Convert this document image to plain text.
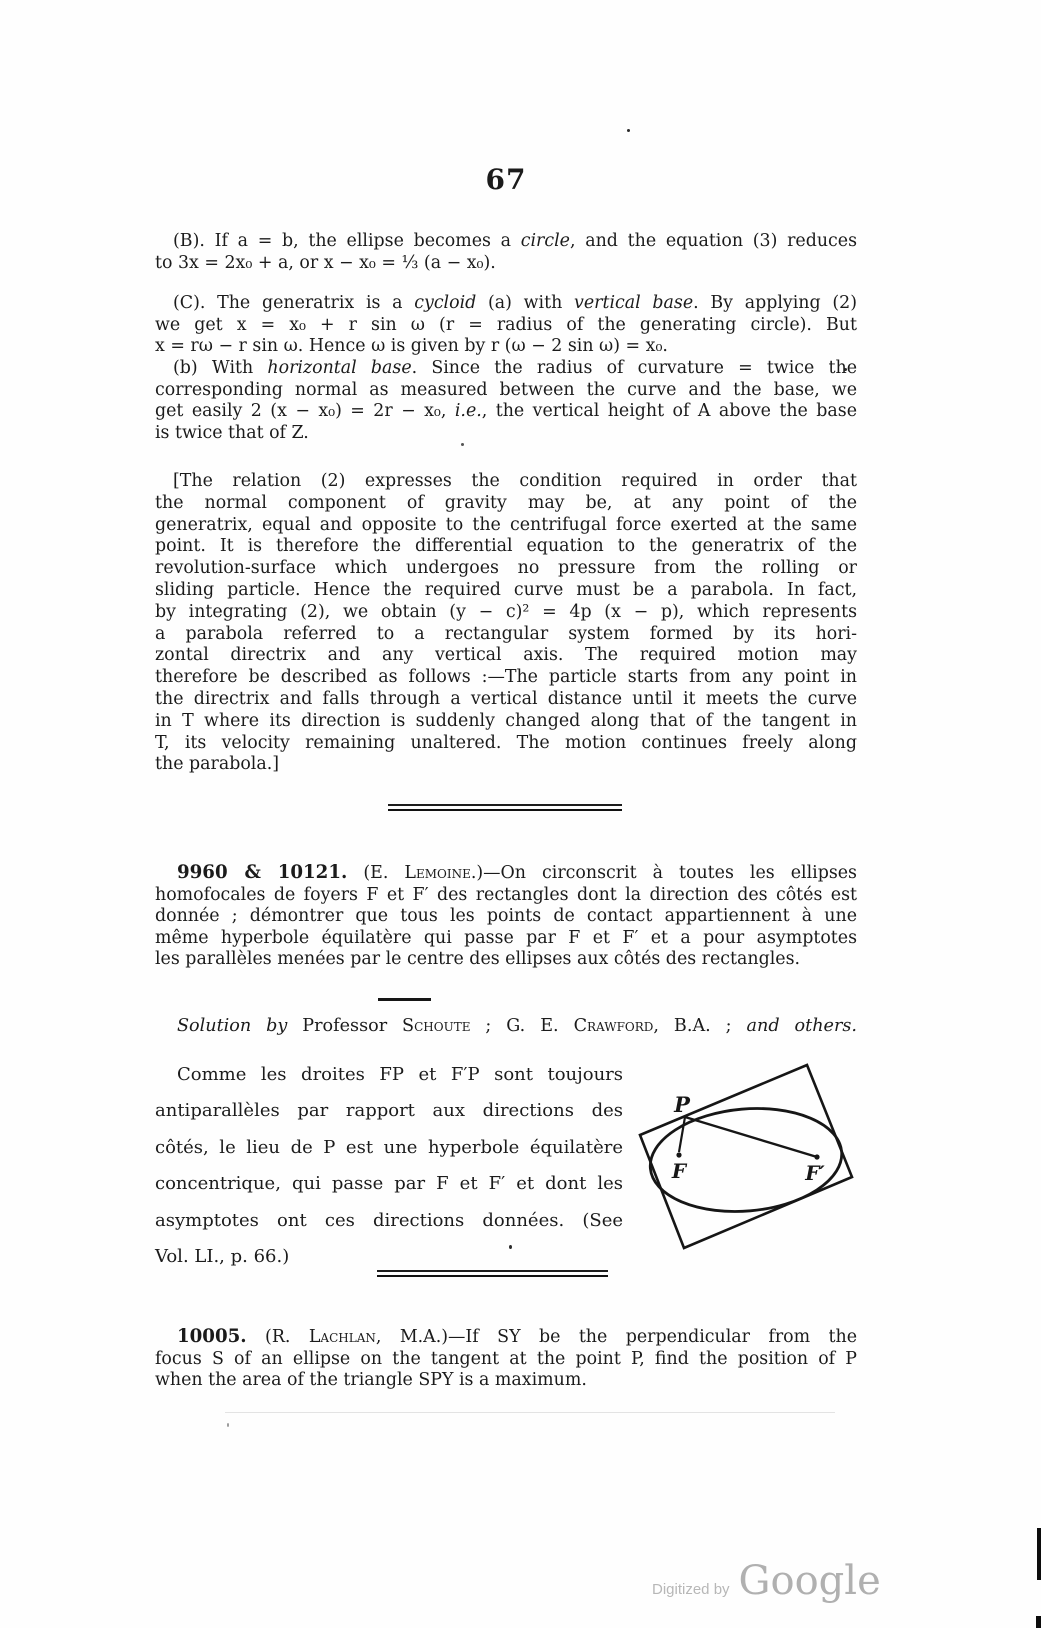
67
(B). If a = b, the ellipse becomes a circle, and the equation (3) reduces
to 3x = 2x₀ + a, or x − x₀ = ⅓ (a − x₀).
(C). The generatrix is a cycloid (a) with vertical base. By applying (2)
we get x = x₀ + r sin ω (r = radius of the generating circle). But
x = rω − r sin ω. Hence ω is given by r (ω − 2 sin ω) = x₀.
(b) With horizontal base. Since the radius of curvature = twice the
corresponding normal as measured between the curve and the base, we
get easily 2 (x − x₀) = 2r − x₀, i.e., the vertical height of A above the base
is twice that of Z.
[The relation (2) expresses the condition required in order that
the normal component of gravity may be, at any point of the
generatrix, equal and opposite to the centrifugal force exerted at the same
point. It is therefore the differential equation to the generatrix of the
revolution-surface which undergoes no pressure from the rolling or
sliding particle. Hence the required curve must be a parabola. In fact,
by integrating (2), we obtain (y − c)² = 4p (x − p), which represents
a parabola referred to a rectangular system formed by its hori-
zontal directrix and any vertical axis. The required motion may
therefore be described as follows :—The particle starts from any point in
the directrix and falls through a vertical distance until it meets the curve
in T where its direction is suddenly changed along that of the tangent in
T, its velocity remaining unaltered. The motion continues freely along
the parabola.]
9960 & 10121. (E. Lemoine.)—On circonscrit à toutes les ellipses
homofocales de foyers F et F′ des rectangles dont la direction des côtés est
donnée ; démontrer que tous les points de contact appartiennent à une
même hyperbole équilatère qui passe par F et F′ et a pour asymptotes
les parallèles menées par le centre des ellipses aux côtés des rectangles.
Solution by Professor Schoute ; G. E. Crawford, B.A. ; and others.
Comme les droites FP et F′P sont toujours
antiparallèles par rapport aux directions des
côtés, le lieu de P est une hyperbole équilatère
concentrique, qui passe par F et F′ et dont les
asymptotes ont ces directions données. (See
Vol. LI., p. 66.)
P
F	F′
10005. (R. Lachlan, M.A.)—If SY be the perpendicular from the
focus S of an ellipse on the tangent at the point P, find the position of P
when the area of the triangle SPY is a maximum.
Digitized by Google
